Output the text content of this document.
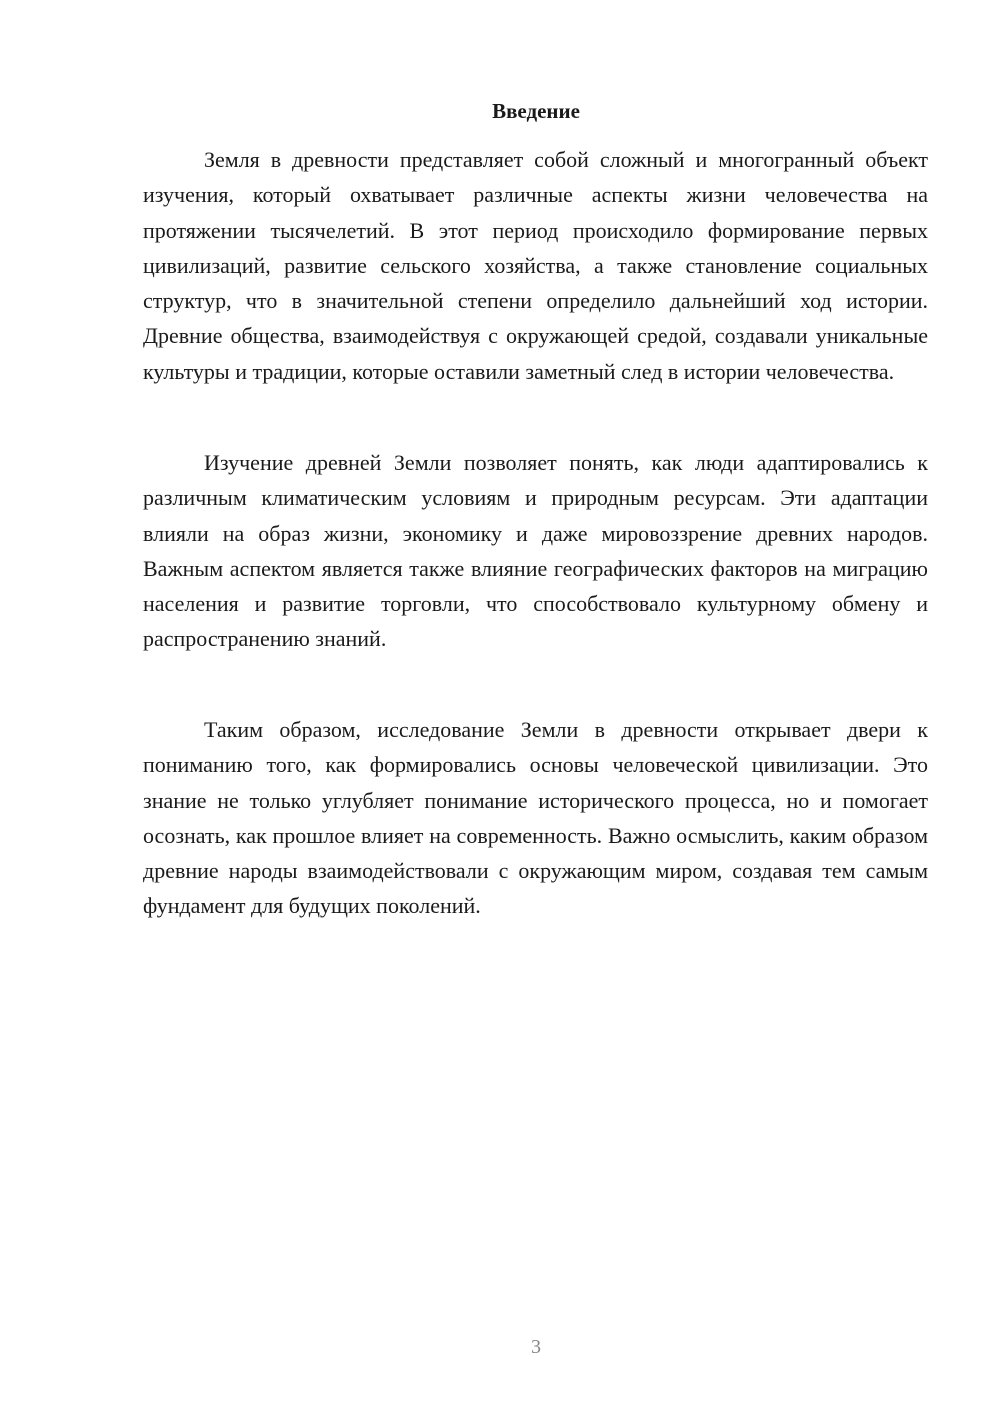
Введение

Земля в древности представляет собой сложный и многогранный объект изучения, который охватывает различные аспекты жизни человечества на протяжении тысячелетий. В этот период происходило формирование первых цивилизаций, развитие сельского хозяйства, а также становление социальных структур, что в значительной степени определило дальнейший ход истории. Древние общества, взаимодействуя с окружающей средой, создавали уникальные культуры и традиции, которые оставили заметный след в истории человечества.

Изучение древней Земли позволяет понять, как люди адаптировались к различным климатическим условиям и природным ресурсам. Эти адаптации влияли на образ жизни, экономику и даже мировоззрение древних народов. Важным аспектом является также влияние географических факторов на миграцию населения и развитие торговли, что способствовало культурному обмену и распространению знаний.

Таким образом, исследование Земли в древности открывает двери к пониманию того, как формировались основы человеческой цивилизации. Это знание не только углубляет понимание исторического процесса, но и помогает осознать, как прошлое влияет на современность. Важно осмыслить, каким образом древние народы взаимодействовали с окружающим миром, создавая тем самым фундамент для будущих поколений.

3
